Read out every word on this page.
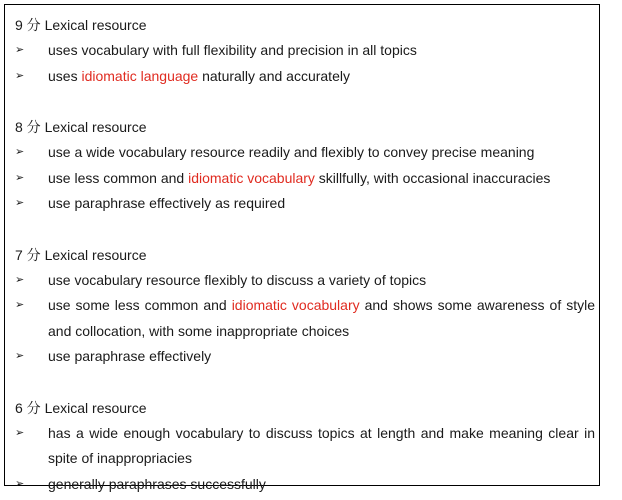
9 分 Lexical resource
➢	uses vocabulary with full flexibility and precision in all topics
➢	uses idiomatic language naturally and accurately
8 分 Lexical resource
➢	use a wide vocabulary resource readily and flexibly to convey precise meaning
➢	use less common and idiomatic vocabulary skillfully, with occasional inaccuracies
➢	use paraphrase effectively as required
7 分 Lexical resource
➢	use vocabulary resource flexibly to discuss a variety of topics
➢	use some less common and idiomatic vocabulary and shows some awareness of style and collocation, with some inappropriate choices
➢	use paraphrase effectively
6 分 Lexical resource
➢	has a wide enough vocabulary to discuss topics at length and make meaning clear in spite of inappropriacies
➢	generally paraphrases successfully
